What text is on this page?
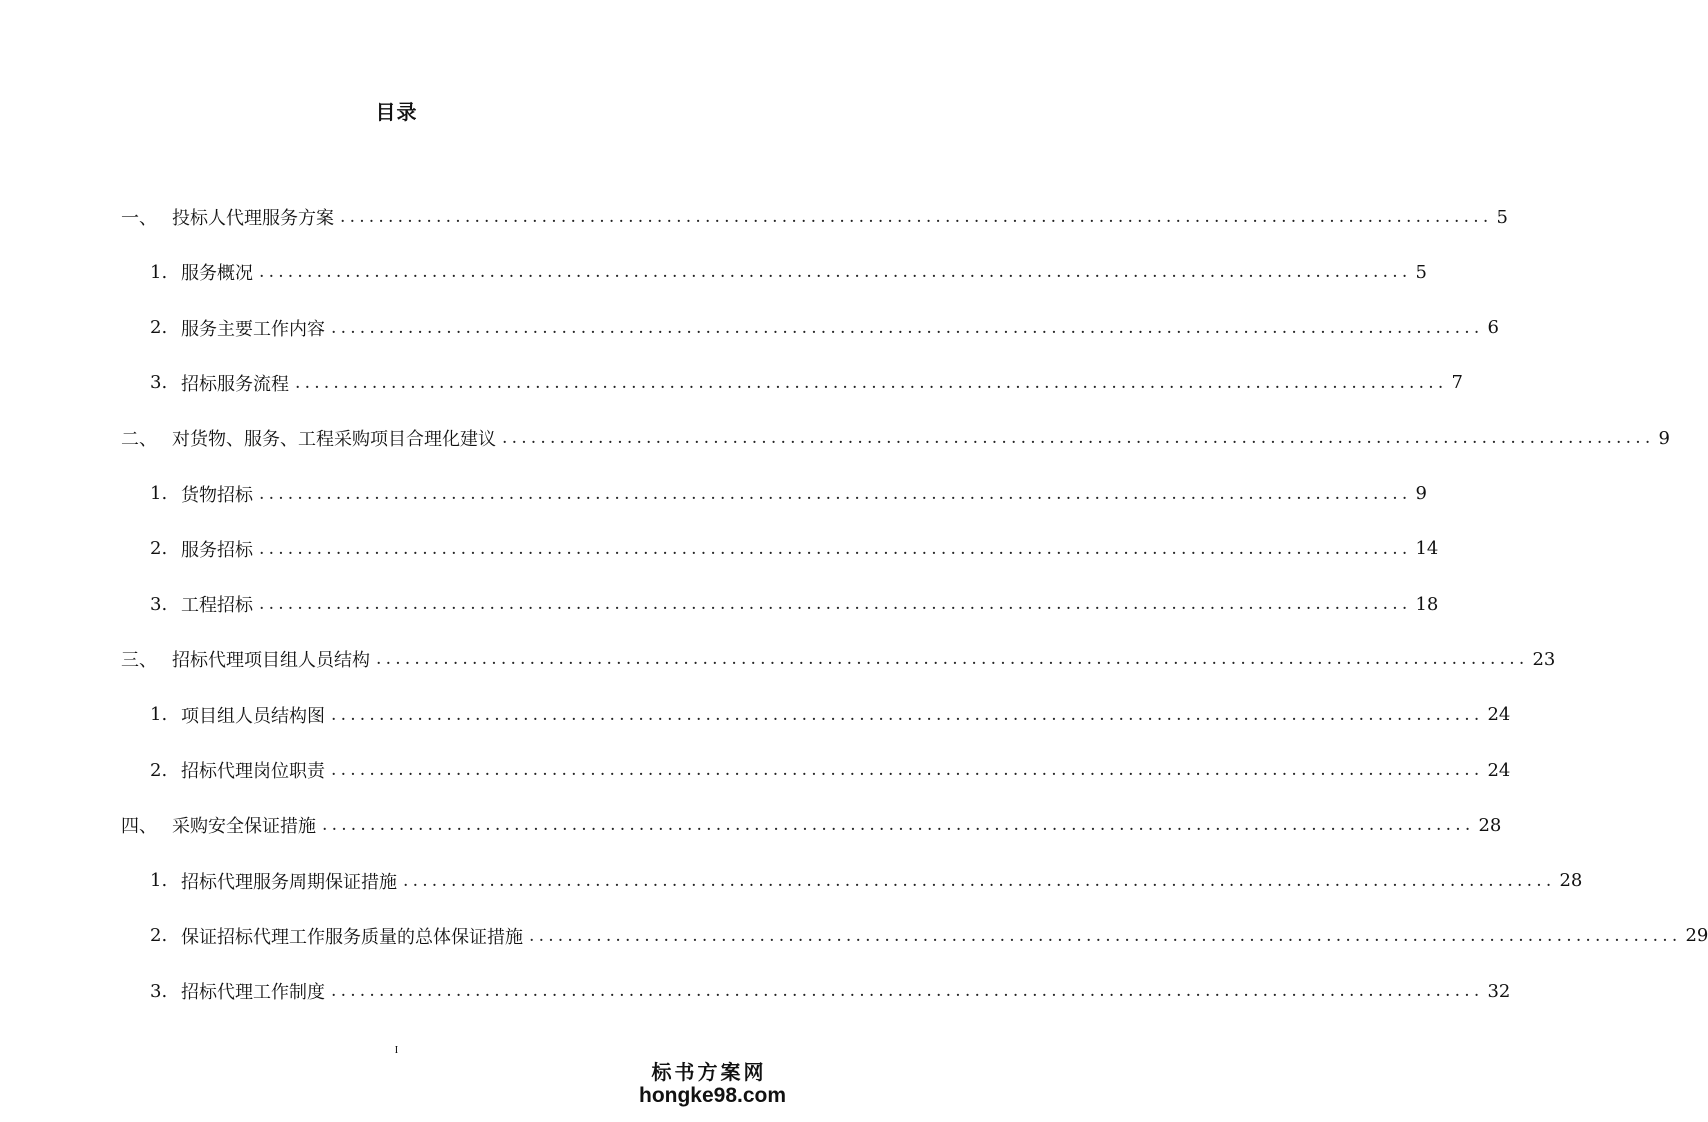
目录
一、 投标人代理服务方案 ........................................................................................................................ 5
1. 服务概况 ........................................................................................................................ 5
2. 服务主要工作内容 ........................................................................................................................ 6
3. 招标服务流程 ........................................................................................................................ 7
二、 对货物、服务、工程采购项目合理化建议 ........................................................................................................................ 9
1. 货物招标 ........................................................................................................................ 9
2. 服务招标 ........................................................................................................................ 14
3. 工程招标 ........................................................................................................................ 18
三、 招标代理项目组人员结构 ........................................................................................................................ 23
1. 项目组人员结构图 ........................................................................................................................ 24
2. 招标代理岗位职责 ........................................................................................................................ 24
四、 采购安全保证措施 ........................................................................................................................ 28
1. 招标代理服务周期保证措施 ........................................................................................................................ 28
2. 保证招标代理工作服务质量的总体保证措施 ........................................................................................................................ 29
3. 招标代理工作制度 ........................................................................................................................ 32
I
标书方案网
hongke98.com
